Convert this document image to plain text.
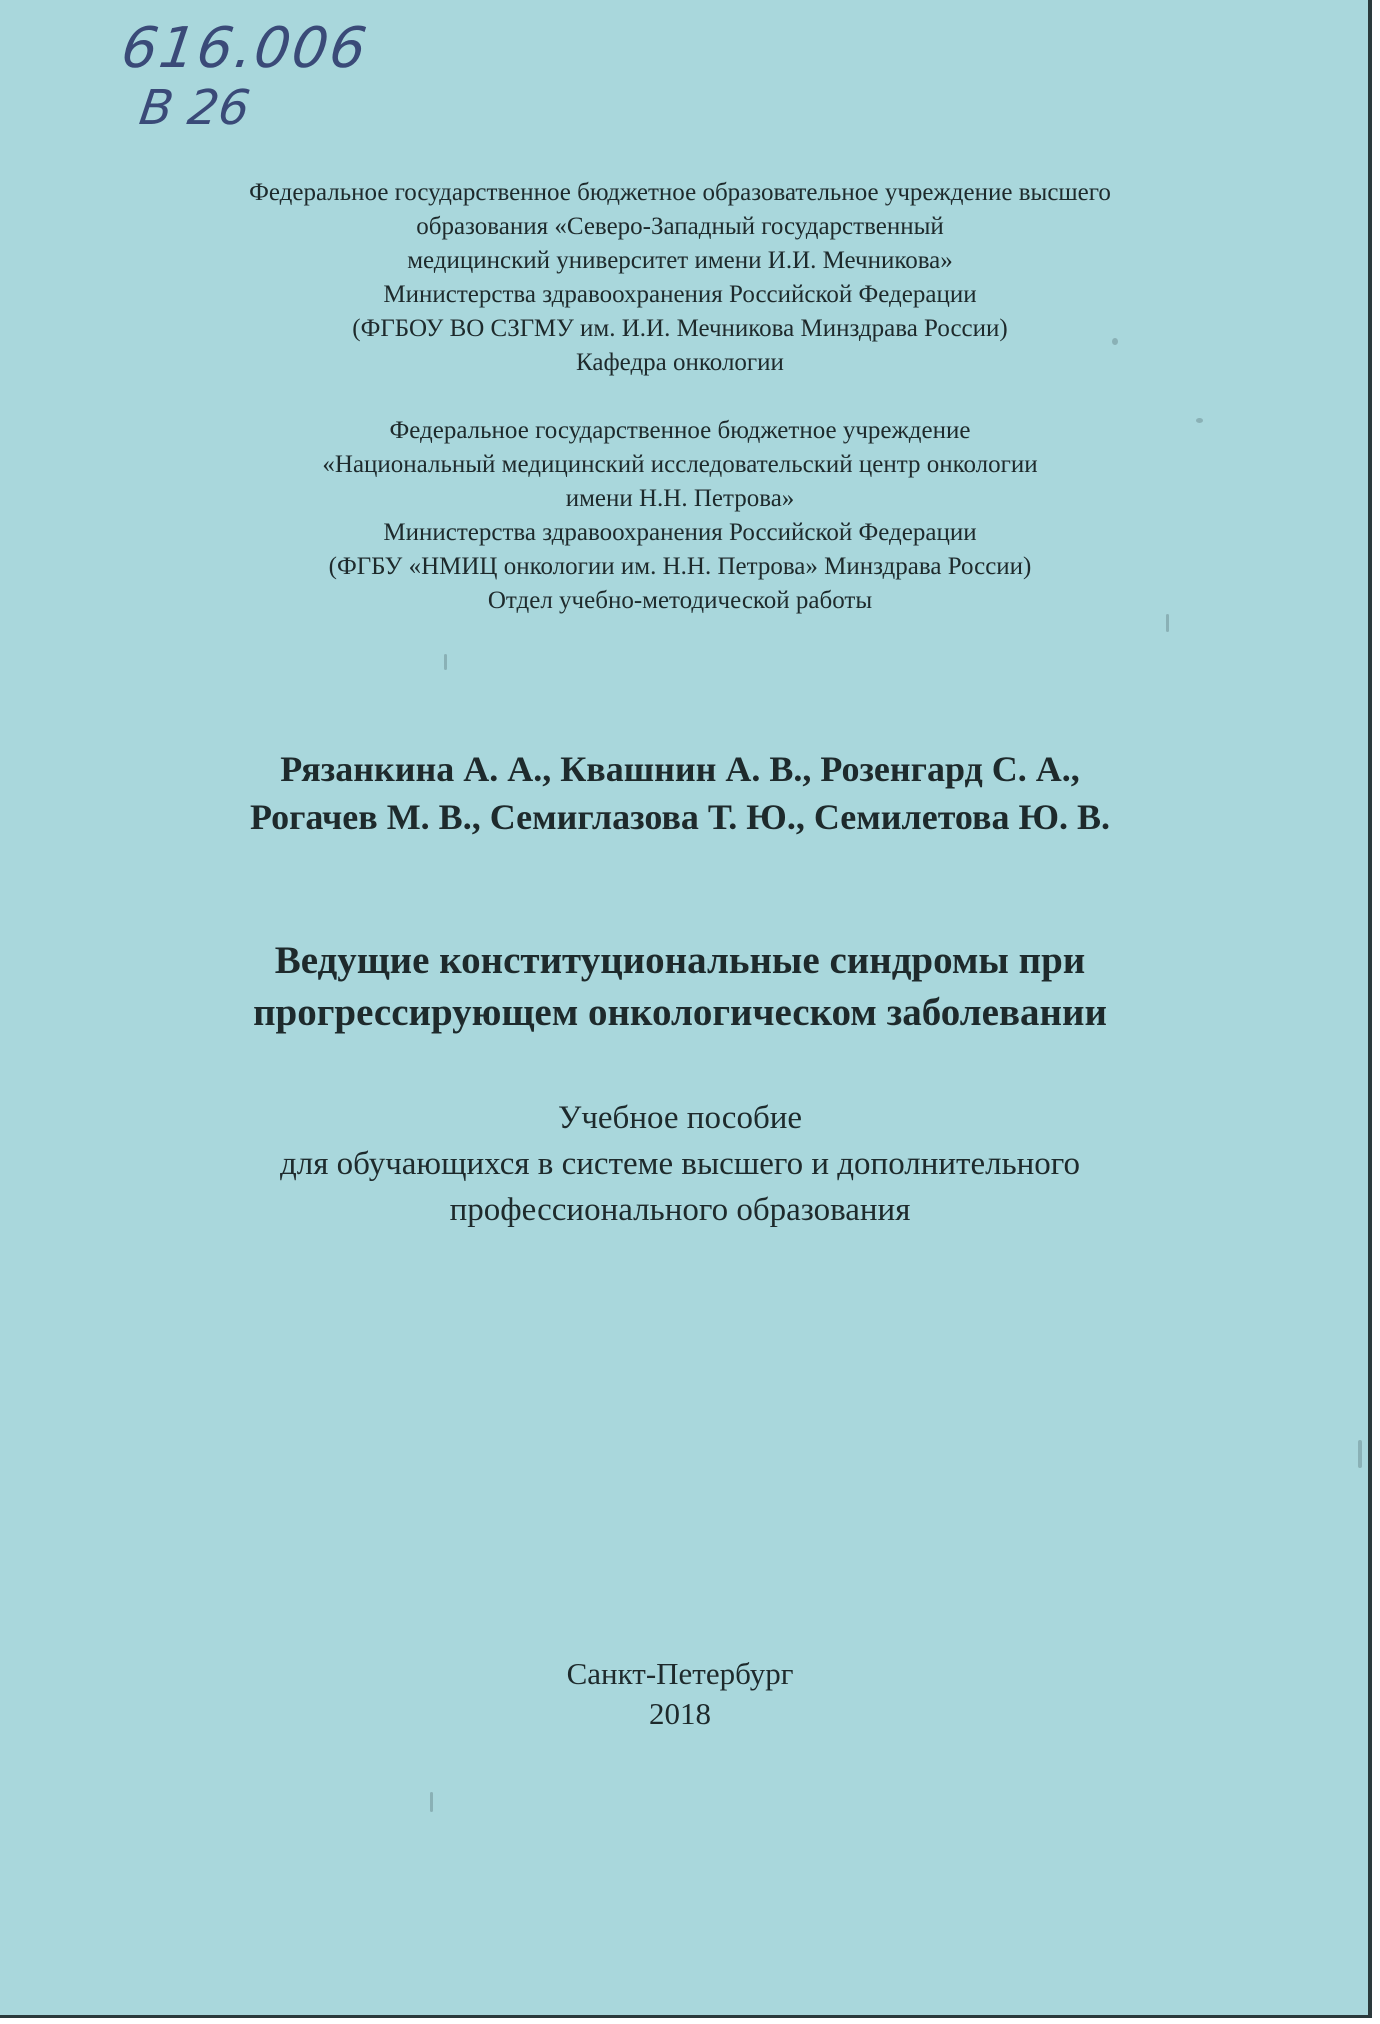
616.006
В 26
Федеральное государственное бюджетное образовательное учреждение высшего
образования «Северо-Западный государственный
медицинский университет имени И.И. Мечникова»
Министерства здравоохранения Российской Федерации
(ФГБОУ ВО СЗГМУ им. И.И. Мечникова Минздрава России)
Кафедра онкологии
Федеральное государственное бюджетное учреждение
«Национальный медицинский исследовательский центр онкологии
имени Н.Н. Петрова»
Министерства здравоохранения Российской Федерации
(ФГБУ «НМИЦ онкологии им. Н.Н. Петрова» Минздрава России)
Отдел учебно-методической работы
Рязанкина А. А., Квашнин А. В., Розенгард С. А.,
Рогачев М. В., Семиглазова Т. Ю., Семилетова Ю. В.
Ведущие конституциональные синдромы при
прогрессирующем онкологическом заболевании
Учебное пособие
для обучающихся в системе высшего и дополнительного
профессионального образования
Санкт-Петербург
2018
